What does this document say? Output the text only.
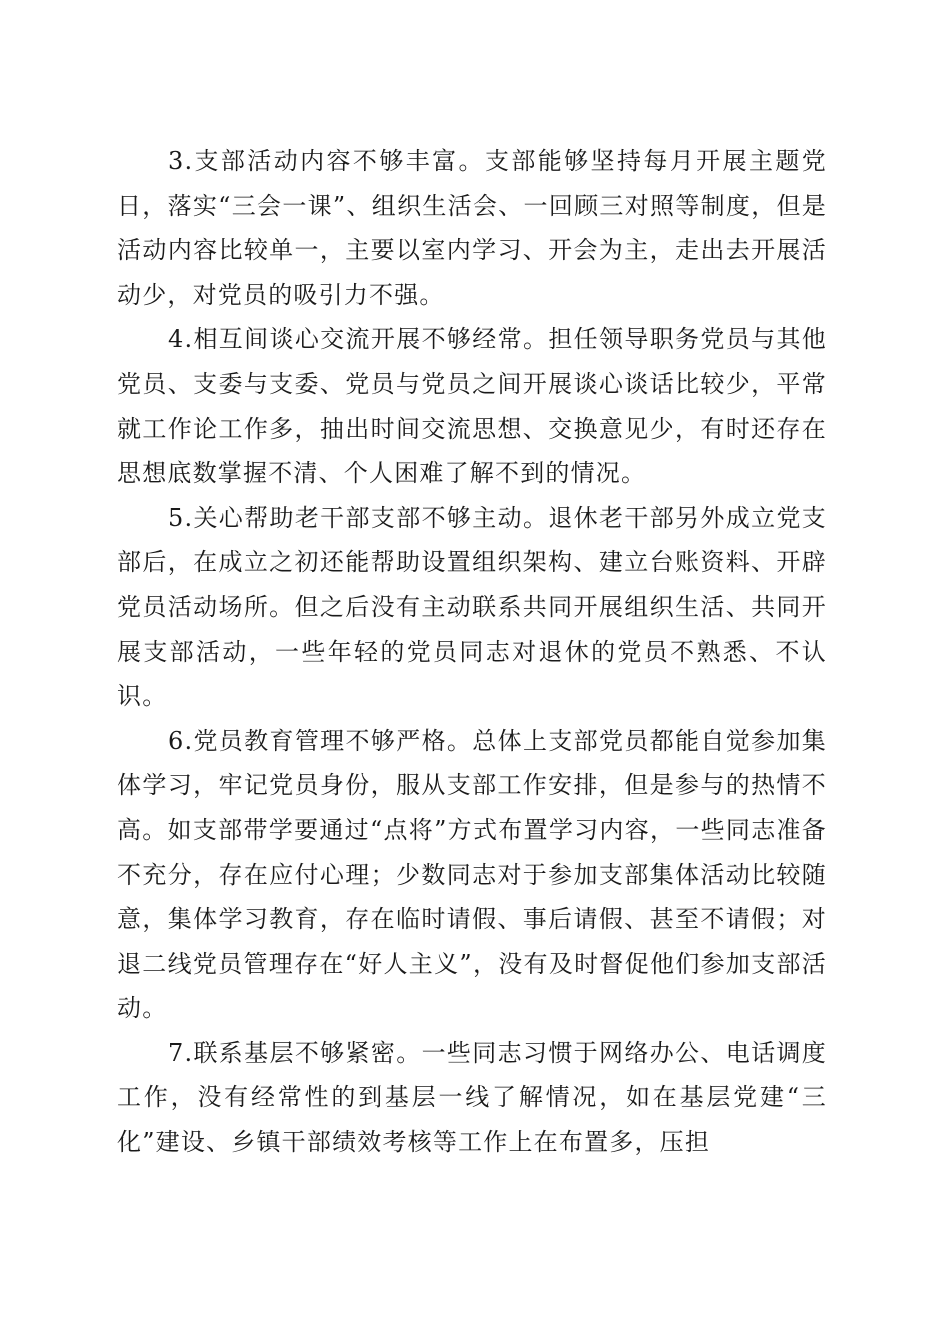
3.支部活动内容不够丰富。支部能够坚持每月开展主题党日，落实“三会一课”、组织生活会、一回顾三对照等制度，但是活动内容比较单一，主要以室内学习、开会为主，走出去开展活动少，对党员的吸引力不强。

4.相互间谈心交流开展不够经常。担任领导职务党员与其他党员、支委与支委、党员与党员之间开展谈心谈话比较少，平常就工作论工作多，抽出时间交流思想、交换意见少，有时还存在思想底数掌握不清、个人困难了解不到的情况。

5.关心帮助老干部支部不够主动。退休老干部另外成立党支部后，在成立之初还能帮助设置组织架构、建立台账资料、开辟党员活动场所。但之后没有主动联系共同开展组织生活、共同开展支部活动，一些年轻的党员同志对退休的党员不熟悉、不认识。

6.党员教育管理不够严格。总体上支部党员都能自觉参加集体学习，牢记党员身份，服从支部工作安排，但是参与的热情不高。如支部带学要通过“点将”方式布置学习内容，一些同志准备不充分，存在应付心理；少数同志对于参加支部集体活动比较随意，集体学习教育，存在临时请假、事后请假、甚至不请假；对退二线党员管理存在“好人主义”，没有及时督促他们参加支部活动。

7.联系基层不够紧密。一些同志习惯于网络办公、电话调度工作，没有经常性的到基层一线了解情况，如在基层党建“三化”建设、乡镇干部绩效考核等工作上在布置多，压担
